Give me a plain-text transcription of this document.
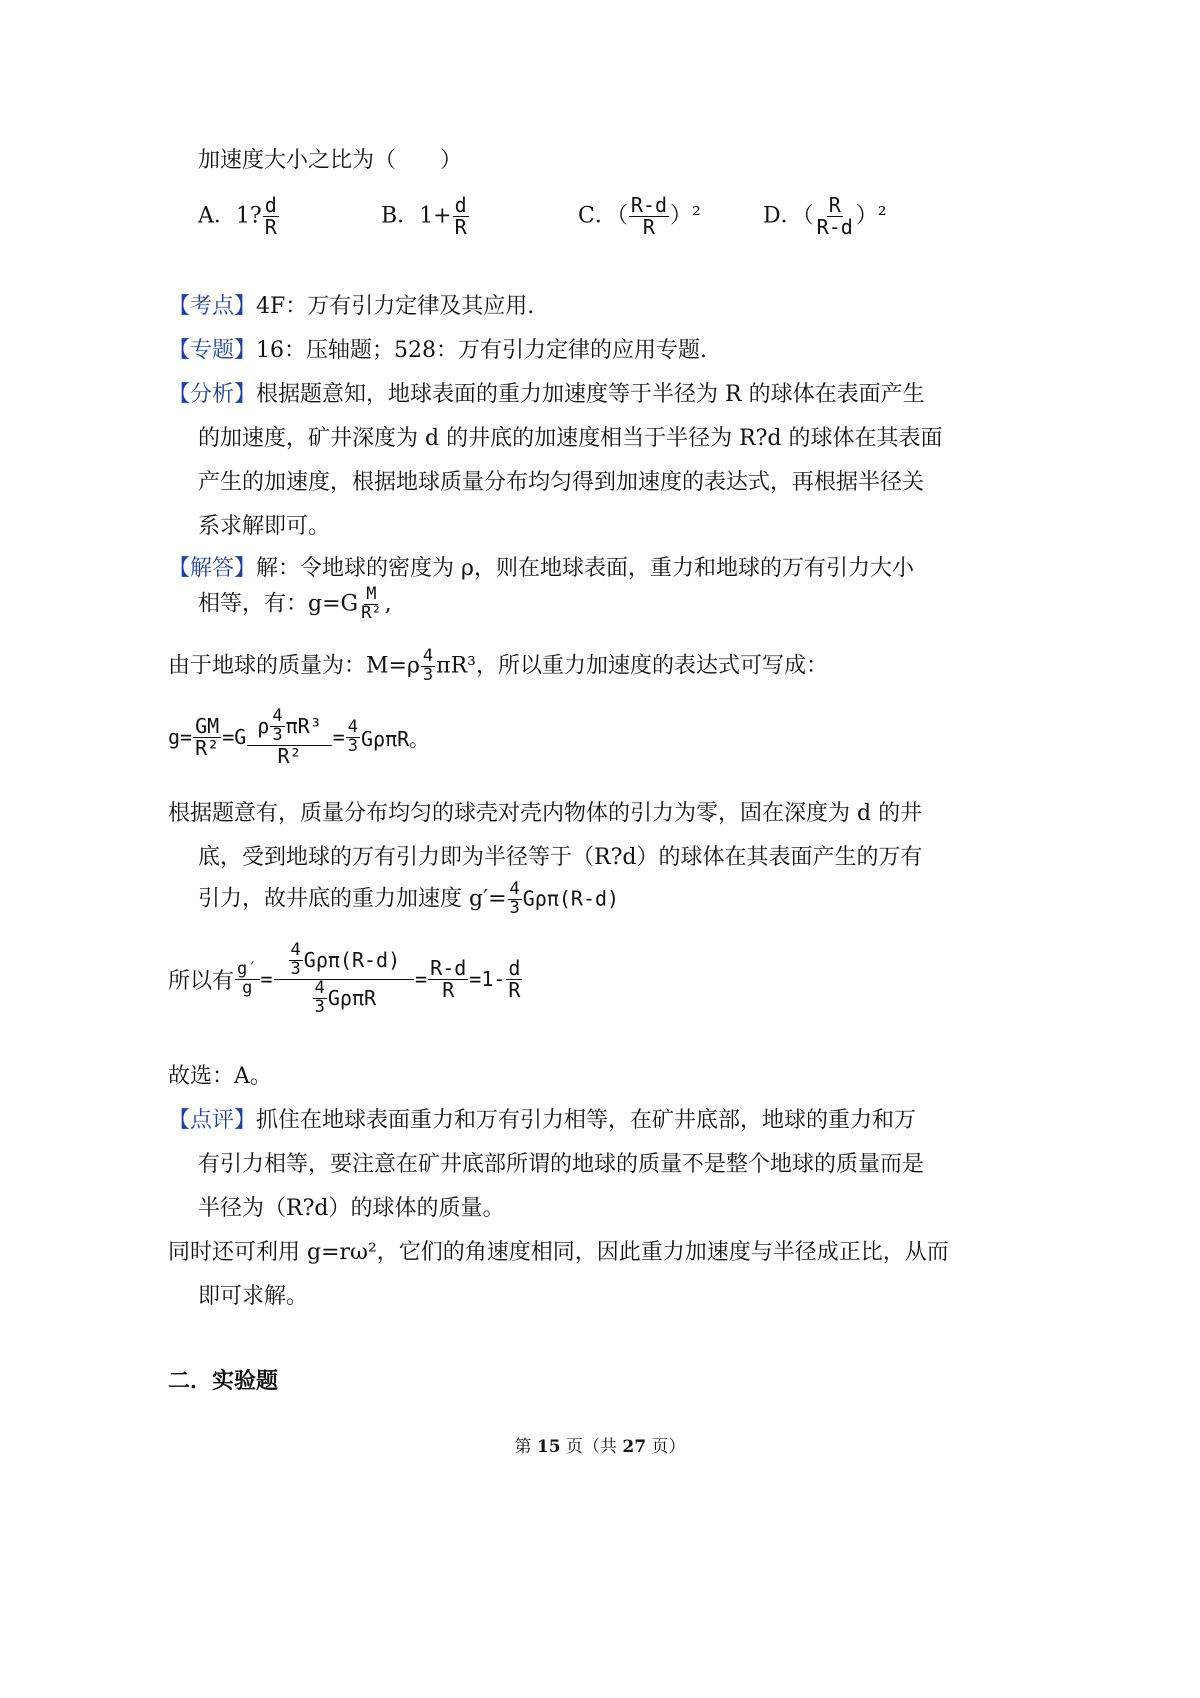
加速度大小之比为（　　）
A．1? $\frac{d}{R}$	B．$1+ \frac{d}{R}$	C．（ $\frac{R-d}{R} )^2$	D．（ $\frac{R}{R-d} )^2$
【考点】4F：万有引力定律及其应用.
【专题】16：压轴题；528：万有引力定律的应用专题.
【分析】根据题意知，地球表面的重力加速度等于半径为 R 的球体在表面产生
的加速度，矿井深度为 d 的井底的加速度相当于半径为 R?d 的球体在其表面
产生的加速度，根据地球质量分布均匀得到加速度的表达式，再根据半径关
系求解即可。
【解答】解：令地球的密度为 ρ，则在地球表面，重力和地球的万有引力大小
相等，有：$g=G \frac{M}{\text{R²}}$ ,
由于地球的质量为：$M=\rho \frac{4}{3} \pi R^3$，所以重力加速度的表达式可写成：
$g= \frac{GM}{\text{R²}} =G \frac{\rho \frac{4}{3} \pi R^3}{\text{R²}} = \frac{4}{3}$ GρπR。
根据题意有，质量分布均匀的球壳对壳内物体的引力为零，固在深度为 d 的井
底，受到地球的万有引力即为半径等于（R?d）的球体在其表面产生的万有
引力，故井底的重力加速度 $g'= \frac{4}{3} G\rho\pi(R-d)$
所以有 $\frac{g'}{g} = \frac{\frac{4}{3} G\rho\pi(R-d)}{\frac{4}{3} G\rho\pi R} = \frac{R-d}{R} =1- \frac{d}{R}$
故选：A。
【点评】抓住在地球表面重力和万有引力相等，在矿井底部，地球的重力和万
有引力相等，要注意在矿井底部所谓的地球的质量不是整个地球的质量而是
半径为（R?d）的球体的质量。
同时还可利用 g=rω²，它们的角速度相同，因此重力加速度与半径成正比，从而
即可求解。
二．实验题
第 15 页（共 27 页）
